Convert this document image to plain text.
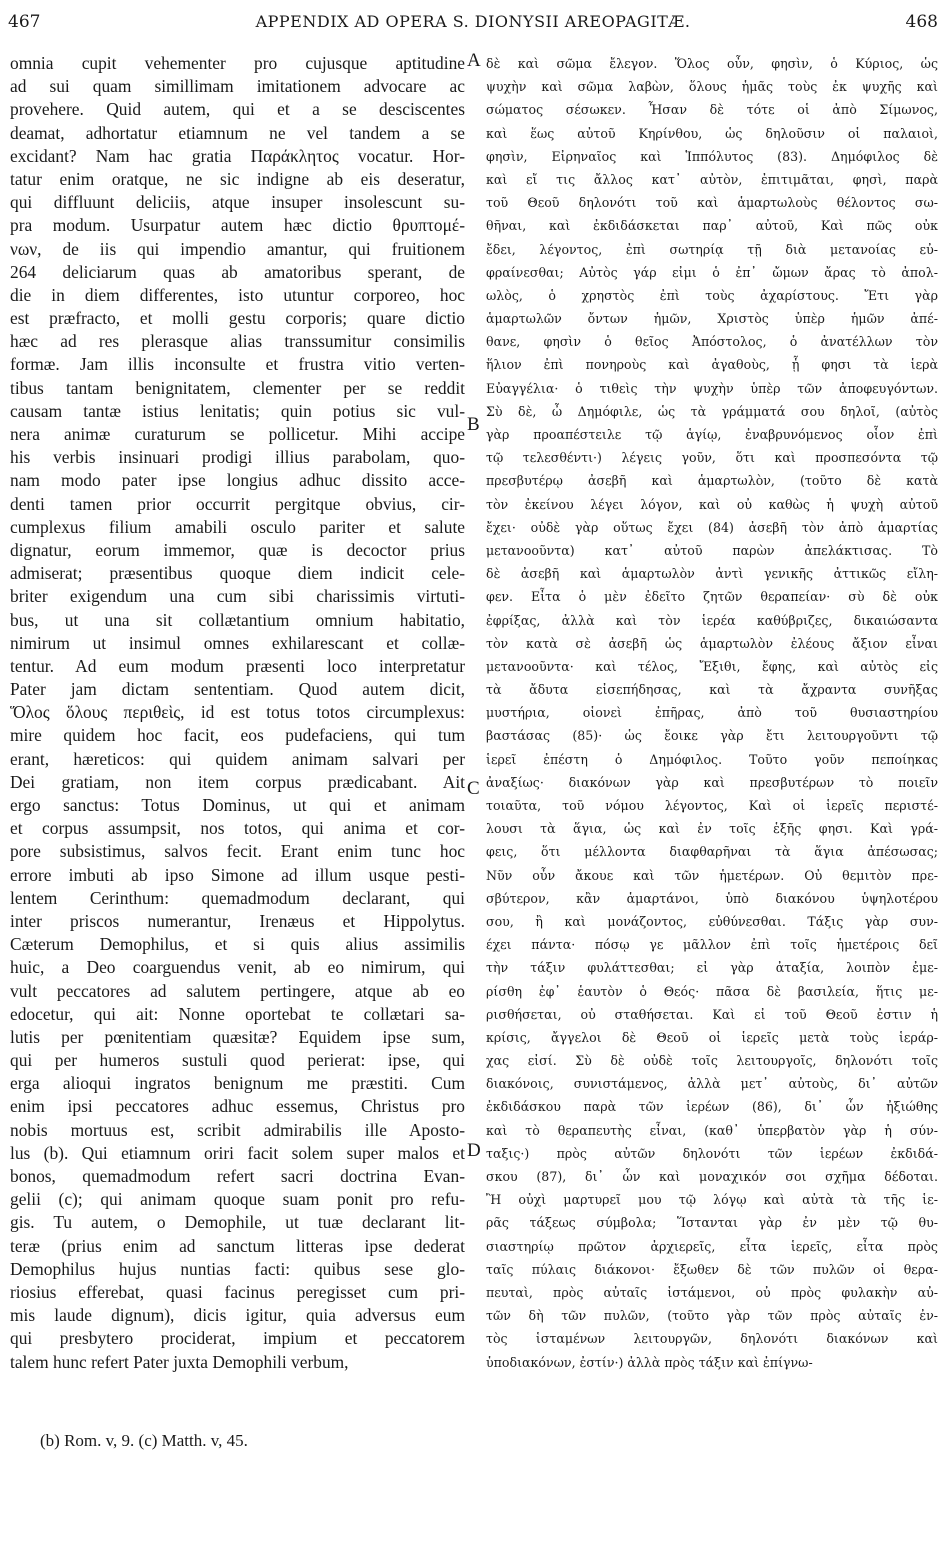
467	APPENDIX AD OPERA S. DIONYSII AREOPAGITÆ.	468
omnia cupit vehementer pro cujusque aptitudine
ad sui quam simillimam imitationem advocare ac
provehere. Quid autem, qui et a se desciscentes
deamat, adhortatur etiamnum ne vel tandem a se
excidant? Nam hac gratia Παράκλητος vocatur. Hor-
tatur enim oratque, ne sic indigne ab eis deseratur,
qui diffluunt deliciis, atque insuper insolescunt su-
pra modum. Usurpatur autem hæc dictio θρυπτομέ-
νων, de iis qui impendio amantur, qui fruitionem
264 deliciarum quas ab amatoribus sperant, de
die in diem differentes, isto utuntur corporeo, hoc
est præfracto, et molli gestu corporis; quare dictio
hæc ad res plerasque alias transsumitur consimilis
formæ. Jam illis inconsulte et frustra vitio verten-
tibus tantam benignitatem, clementer per se reddit
causam tantæ istius lenitatis; quin potius sic vul-
nera animæ curaturum se pollicetur. Mihi accipe
his verbis insinuari prodigi illius parabolam, quo-
nam modo pater ipse longius adhuc dissito acce-
denti tamen prior occurrit pergitque obvius, cir-
cumplexus filium amabili osculo pariter et salute
dignatur, eorum immemor, quæ is decoctor prius
admiserat; præsentibus quoque diem indicit cele-
briter exigendum una cum sibi charissimis virtuti-
bus, ut una sit collætantium omnium habitatio,
nimirum ut insimul omnes exhilarescant et collæ-
tentur. Ad eum modum præsenti loco interpretatur
Pater jam dictam sententiam. Quod autem dicit,
Ὅλος ὅλους περιθεὶς, id est totus totos circumplexus:
mire quidem hoc facit, eos pudefaciens, qui tum
erant, hæreticos: qui quidem animam salvari per
Dei gratiam, non item corpus prædicabant. Ait
ergo sanctus: Totus Dominus, ut qui et animam
et corpus assumpsit, nos totos, qui anima et cor-
pore subsistimus, salvos fecit. Erant enim tunc hoc
errore imbuti ab ipso Simone ad illum usque pesti-
lentem Cerinthum: quemadmodum declarant, qui
inter priscos numerantur, Irenæus et Hippolytus.
Cæterum Demophilus, et si quis alius assimilis
huic, a Deo coarguendus venit, ab eo nimirum, qui
vult peccatores ad salutem pertingere, atque ab eo
edocetur, qui ait: Nonne oportebat te collætari sa-
lutis per pœnitentiam quæsitæ? Equidem ipse sum,
qui per humeros sustuli quod perierat: ipse, qui
erga alioqui ingratos benignum me præstiti. Cum
enim ipsi peccatores adhuc essemus, Christus pro
nobis mortuus est, scribit admirabilis ille Aposto-
lus (b). Qui etiamnum oriri facit solem super malos et
bonos, quemadmodum refert sacri doctrina Evan-
gelii (c); qui animam quoque suam ponit pro refu-
gis. Tu autem, o Demophile, ut tuæ declarant lit-
teræ (prius enim ad sanctum litteras ipse dederat
Demophilus hujus nuntias facti: quibus sese glo-
riosius efferebat, quasi facinus peregisset cum pri-
mis laude dignum), dicis igitur, quia adversus eum
qui presbytero prociderat, impium et peccatorem
talem hunc refert Pater juxta Demophili verbum,
δὲ καὶ σῶμα ἔλεγον. Ὅλος οὖν, φησὶν, ὁ Κύριος, ὡς
ψυχὴν καὶ σῶμα λαβὼν, ὅλους ἡμᾶς τοὺς ἐκ ψυχῆς καὶ
σώματος σέσωκεν. Ἦσαν δὲ τότε οἱ ἀπὸ Σίμωνος,
καὶ ἕως αὐτοῦ Κηρίνθου, ὡς δηλοῦσιν οἱ παλαιοὶ,
φησὶν, Εἰρηναῖος καὶ Ἱππόλυτος (83). Δημόφιλος δὲ
καὶ εἴ τις ἄλλος κατ᾿ αὐτὸν, ἐπιτιμᾶται, φησὶ, παρὰ
τοῦ Θεοῦ δηλονότι τοῦ καὶ ἁμαρτωλοὺς θέλοντος σω-
θῆναι, καὶ ἐκδιδάσκεται παρ᾿ αὐτοῦ, Καὶ πῶς οὐκ
ἔδει, λέγοντος, ἐπὶ σωτηρίᾳ τῇ διὰ μετανοίας εὐ-
φραίνεσθαι; Αὐτὸς γάρ εἰμι ὁ ἐπ᾿ ὤμων ἄρας τὸ ἀπολ-
ωλὸς, ὁ χρηστὸς ἐπὶ τοὺς ἀχαρίστους. Ἔτι γὰρ
ἁμαρτωλῶν ὄντων ἡμῶν, Χριστὸς ὑπὲρ ἡμῶν ἀπέ-
θανε, φησὶν ὁ θεῖος Ἀπόστολος, ὁ ἀνατέλλων τὸν
ἥλιον ἐπὶ πονηροὺς καὶ ἀγαθοὺς, ᾗ φησι τὰ ἱερὰ
Εὐαγγέλια· ὁ τιθεὶς τὴν ψυχὴν ὑπὲρ τῶν ἀποφευγόντων.
Σὺ δὲ, ὦ Δημόφιλε, ὡς τὰ γράμματά σου δηλοῖ, (αὐτὸς
γὰρ προαπέστειλε τῷ ἁγίῳ, ἐναβρυνόμενος οἷον ἐπὶ
τῷ τελεσθέντι·) λέγεις γοῦν, ὅτι καὶ προσπεσόντα τῷ
πρεσβυτέρῳ ἀσεβῆ καὶ ἁμαρτωλὸν, (τοῦτο δὲ κατὰ
τὸν ἐκείνου λέγει λόγον, καὶ οὐ καθὼς ἡ ψυχὴ αὐτοῦ
ἔχει· οὐδὲ γὰρ οὕτως ἔχει (84) ἀσεβῆ τὸν ἀπὸ ἁμαρτίας
μετανοοῦντα) κατ᾿ αὐτοῦ παρὼν ἀπελάκτισας. Τὸ
δὲ ἀσεβῆ καὶ ἁμαρτωλὸν ἀντὶ γενικῆς ἀττικῶς εἴλη-
φεν. Εἶτα ὁ μὲν ἐδεῖτο ζητῶν θεραπείαν· σὺ δὲ οὐκ
ἐφρίξας, ἀλλὰ καὶ τὸν ἱερέα καθύβριζες, δικαιώσαντα
τὸν κατὰ σὲ ἀσεβῆ ὡς ἁμαρτωλὸν ἐλέους ἄξιον εἶναι
μετανοοῦντα· καὶ τέλος, Ἔξιθι, ἔφης, καὶ αὐτὸς εἰς
τὰ ἄδυτα εἰσεπήδησας, καὶ τὰ ἄχραντα συνῆξας
μυστήρια, οἱονεὶ ἐπῆρας, ἀπὸ τοῦ θυσιαστηρίου
βαστάσας (85)· ὡς ἔοικε γὰρ ἔτι λειτουργοῦντι τῷ
ἱερεῖ ἐπέστη ὁ Δημόφιλος. Τοῦτο γοῦν πεποίηκας
ἀναξίως· διακόνων γὰρ καὶ πρεσβυτέρων τὸ ποιεῖν
τοιαῦτα, τοῦ νόμου λέγοντος, Καὶ οἱ ἱερεῖς περιστέ-
λουσι τὰ ἅγια, ὡς καὶ ἐν τοῖς ἑξῆς φησι. Καὶ γρά-
φεις, ὅτι μέλλοντα διαφθαρῆναι τὰ ἅγια ἀπέσωσας;
Νῦν οὖν ἄκουε καὶ τῶν ἡμετέρων. Οὐ θεμιτὸν πρε-
σβύτερον, κἂν ἁμαρτάνοι, ὑπὸ διακόνου ὑψηλοτέρου
σου, ἢ καὶ μονάζοντος, εὐθύνεσθαι. Τάξις γὰρ συν-
έχει πάντα· πόσῳ γε μᾶλλον ἐπὶ τοῖς ἡμετέροις δεῖ
τὴν τάξιν φυλάττεσθαι; εἰ γὰρ ἀταξία, λοιπὸν ἐμε-
ρίσθη ἐφ᾿ ἑαυτὸν ὁ Θεός· πᾶσα δὲ βασιλεία, ἥτις με-
ρισθήσεται, οὐ σταθήσεται. Καὶ εἰ τοῦ Θεοῦ ἐστιν ἡ
κρίσις, ἄγγελοι δὲ Θεοῦ οἱ ἱερεῖς μετὰ τοὺς ἱεράρ-
χας εἰσί. Σὺ δὲ οὐδὲ τοῖς λειτουργοῖς, δηλονότι τοῖς
διακόνοις, συνιστάμενος, ἀλλὰ μετ᾿ αὐτοὺς, δι᾿ αὐτῶν
ἐκδιδάσκου παρὰ τῶν ἱερέων (86), δι᾿ ὧν ἠξιώθης
καὶ τὸ θεραπευτὴς εἶναι, (καθ᾿ ὑπερβατὸν γὰρ ἡ σύν-
ταξις·) πρὸς αὐτῶν δηλονότι τῶν ἱερέων ἐκδιδά-
σκου (87), δι᾿ ὧν καὶ μοναχικόν σοι σχῆμα δέδοται.
Ἢ οὐχὶ μαρτυρεῖ μου τῷ λόγῳ καὶ αὐτὰ τὰ τῆς ἱε-
ρᾶς τάξεως σύμβολα; Ἵστανται γὰρ ἐν μὲν τῷ θυ-
σιαστηρίῳ πρῶτον ἀρχιερεῖς, εἶτα ἱερεῖς, εἶτα πρὸς
ταῖς πύλαις διάκονοι· ἔξωθεν δὲ τῶν πυλῶν οἱ θερα-
πευταὶ, πρὸς αὐταῖς ἱστάμενοι, οὐ πρὸς φυλακὴν αὐ-
τῶν δὴ τῶν πυλῶν, (τοῦτο γὰρ τῶν πρὸς αὐταῖς ἐν-
τὸς ἱσταμένων λειτουργῶν, δηλονότι διακόνων καὶ
ὑποδιακόνων, ἐστίν·) ἀλλὰ πρὸς τάξιν καὶ ἐπίγνω-
A
B
C
D
(b) Rom. v, 9. (c) Matth. v, 45.
